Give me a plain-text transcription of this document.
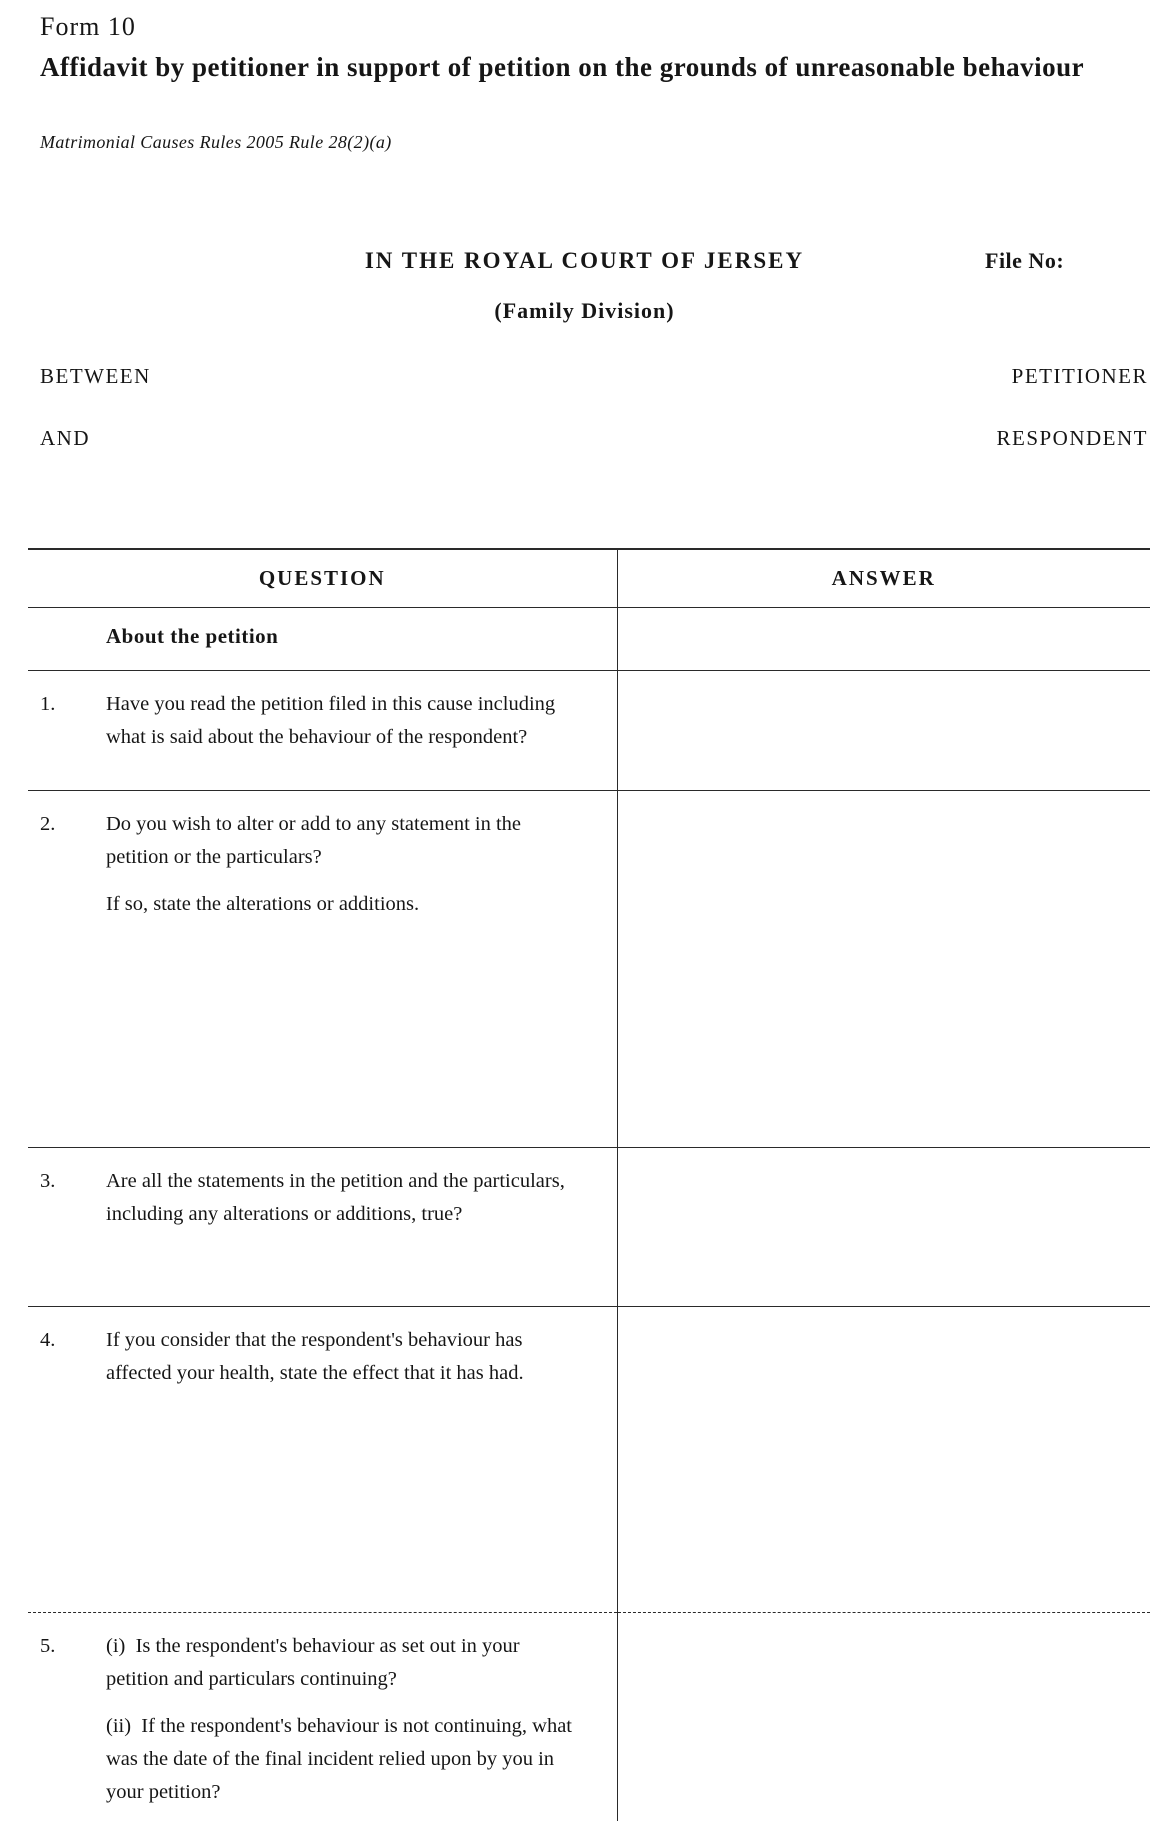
Form 10
Affidavit by petitioner in support of petition on the grounds of unreasonable behaviour
Matrimonial Causes Rules 2005 Rule 28(2)(a)
IN THE ROYAL COURT OF JERSEY	File No:
(Family Division)
BETWEEN	PETITIONER
AND	RESPONDENT
QUESTION	ANSWER

About the petition	

1. Have you read the petition filed in this cause including what is said about the behaviour of the respondent?	

2. Do you wish to alter or add to any statement in the petition or the particulars?

If so, state the alterations or additions.	

3. Are all the statements in the petition and the particulars, including any alterations or additions, true?	

4. If you consider that the respondent's behaviour has affected your health, state the effect that it has had.	

5. (i)  Is the respondent's behaviour as set out in your petition and particulars continuing?

(ii)  If the respondent's behaviour is not continuing, what was the date of the final incident relied upon by you in your petition?	
